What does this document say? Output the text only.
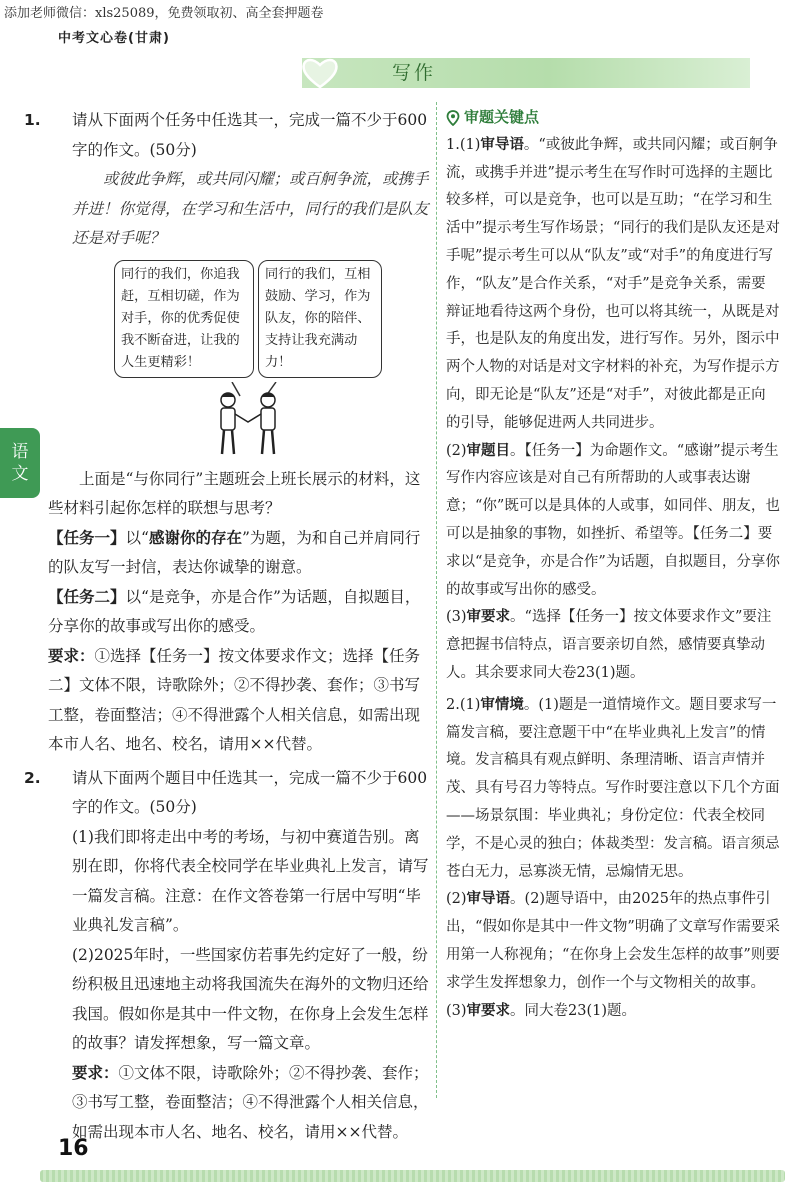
添加老师微信：xls25089，免费领取初、高全套押题卷
中考文心卷(甘肃)
写作
语
文
1. 请从下面两个任务中任选其一，完成一篇不少于600字的作文。(50分)
或彼此争辉，或共同闪耀；或百舸争流，或携手并进！你觉得，在学习和生活中，同行的我们是队友还是对手呢？
同行的我们，你追我赶，互相切磋，作为对手，你的优秀促使我不断奋进，让我的人生更精彩！
同行的我们，互相鼓励、学习，作为队友，你的陪伴、支持让我充满动力！
上面是“与你同行”主题班会上班长展示的材料，这些材料引起你怎样的联想与思考？
【任务一】以“感谢你的存在”为题，为和自己并肩同行的队友写一封信，表达你诚挚的谢意。
【任务二】以“是竞争，亦是合作”为话题，自拟题目，分享你的故事或写出你的感受。
要求：①选择【任务一】按文体要求作文；选择【任务二】文体不限，诗歌除外；②不得抄袭、套作；③书写工整，卷面整洁；④不得泄露个人相关信息，如需出现本市人名、地名、校名，请用××代替。
2. 请从下面两个题目中任选其一，完成一篇不少于600字的作文。(50分)
(1)我们即将走出中考的考场，与初中赛道告别。离别在即，你将代表全校同学在毕业典礼上发言，请写一篇发言稿。注意：在作文答卷第一行居中写明“毕业典礼发言稿”。
(2)2025年时，一些国家仿若事先约定好了一般，纷纷积极且迅速地主动将我国流失在海外的文物归还给我国。假如你是其中一件文物，在你身上会发生怎样的故事？请发挥想象，写一篇文章。
要求：①文体不限，诗歌除外；②不得抄袭、套作；③书写工整，卷面整洁；④不得泄露个人相关信息，如需出现本市人名、地名、校名，请用××代替。
审题关键点
1.(1)审导语。“或彼此争辉，或共同闪耀；或百舸争流，或携手并进”提示考生在写作时可选择的主题比较多样，可以是竞争，也可以是互助；“在学习和生活中”提示考生写作场景；“同行的我们是队友还是对手呢”提示考生可以从“队友”或“对手”的角度进行写作，“队友”是合作关系，“对手”是竞争关系，需要辩证地看待这两个身份，也可以将其统一，从既是对手，也是队友的角度出发，进行写作。另外，图示中两个人物的对话是对文字材料的补充，为写作提示方向，即无论是“队友”还是“对手”，对彼此都是正向的引导，能够促进两人共同进步。
(2)审题目。【任务一】为命题作文。“感谢”提示考生写作内容应该是对自己有所帮助的人或事表达谢意；“你”既可以是具体的人或事，如同伴、朋友，也可以是抽象的事物，如挫折、希望等。【任务二】要求以“是竞争，亦是合作”为话题，自拟题目，分享你的故事或写出你的感受。
(3)审要求。“选择【任务一】按文体要求作文”要注意把握书信特点，语言要亲切自然，感情要真挚动人。其余要求同大卷23(1)题。
2.(1)审情境。(1)题是一道情境作文。题目要求写一篇发言稿，要注意题干中“在毕业典礼上发言”的情境。发言稿具有观点鲜明、条理清晰、语言声情并茂、具有号召力等特点。写作时要注意以下几个方面——场景氛围：毕业典礼；身份定位：代表全校同学，不是心灵的独白；体裁类型：发言稿。语言须忌苍白无力，忌寡淡无情，忌煽情无思。
(2)审导语。(2)题导语中，由2025年的热点事件引出，“假如你是其中一件文物”明确了文章写作需要采用第一人称视角；“在你身上会发生怎样的故事”则要求学生发挥想象力，创作一个与文物相关的故事。
(3)审要求。同大卷23(1)题。
16
